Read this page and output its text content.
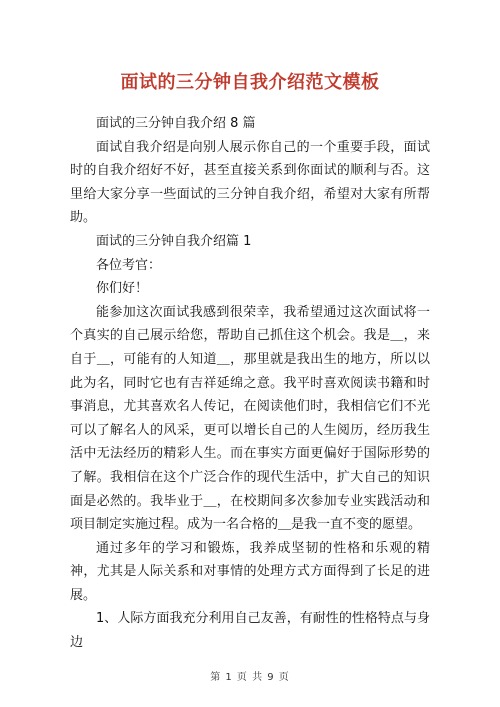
面试的三分钟自我介绍范文模板

面试的三分钟自我介绍 8 篇

面试自我介绍是向别人展示你自己的一个重要手段，面试时的自我介绍好不好，甚至直接关系到你面试的顺利与否。这里给大家分享一些面试的三分钟自我介绍，希望对大家有所帮助。

面试的三分钟自我介绍篇 1

各位考官：

你们好！

能参加这次面试我感到很荣幸，我希望通过这次面试将一个真实的自己展示给您，帮助自己抓住这个机会。我是＿，来自于＿，可能有的人知道＿，那里就是我出生的地方，所以以此为名，同时它也有吉祥延绵之意。我平时喜欢阅读书籍和时事消息，尤其喜欢名人传记，在阅读他们时，我相信它们不光可以了解名人的风采，更可以增长自己的人生阅历，经历我生活中无法经历的精彩人生。而在事实方面更偏好于国际形势的了解。我相信在这个广泛合作的现代生活中，扩大自己的知识面是必然的。我毕业于＿，在校期间多次参加专业实践活动和项目制定实施过程。成为一名合格的＿是我一直不变的愿望。

通过多年的学习和锻炼，我养成坚韧的性格和乐观的精神，尤其是人际关系和对事情的处理方式方面得到了长足的进展。

1、人际方面我充分利用自己友善，有耐性的性格特点与身边

第 1 页 共 9 页
